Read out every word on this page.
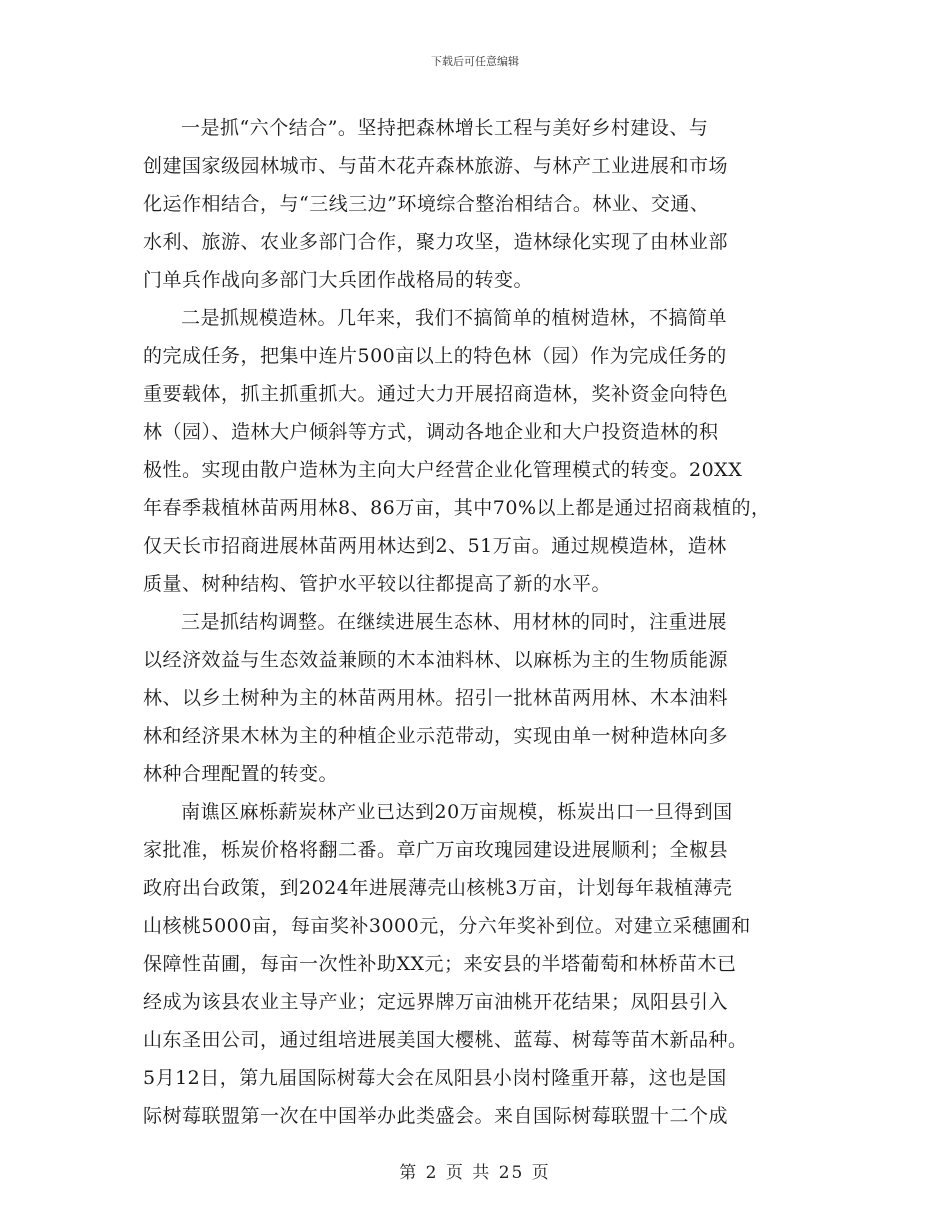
下载后可任意编辑
一是抓“六个结合”。坚持把森林增长工程与美好乡村建设、与
创建国家级园林城市、与苗木花卉森林旅游、与林产工业进展和市场
化运作相结合，与“三线三边”环境综合整治相结合。林业、交通、
水利、旅游、农业多部门合作，聚力攻坚，造林绿化实现了由林业部
门单兵作战向多部门大兵团作战格局的转变。
二是抓规模造林。几年来，我们不搞简单的植树造林，不搞简单
的完成任务，把集中连片500亩以上的特色林（园）作为完成任务的
重要载体，抓主抓重抓大。通过大力开展招商造林，奖补资金向特色
林（园）、造林大户倾斜等方式，调动各地企业和大户投资造林的积
极性。实现由散户造林为主向大户经营企业化管理模式的转变。20XX
年春季栽植林苗两用林8、86万亩，其中70%以上都是通过招商栽植的，
仅天长市招商进展林苗两用林达到2、51万亩。通过规模造林，造林
质量、树种结构、管护水平较以往都提高了新的水平。
三是抓结构调整。在继续进展生态林、用材林的同时，注重进展
以经济效益与生态效益兼顾的木本油料林、以麻栎为主的生物质能源
林、以乡土树种为主的林苗两用林。招引一批林苗两用林、木本油料
林和经济果木林为主的种植企业示范带动，实现由单一树种造林向多
林种合理配置的转变。
南谯区麻栎薪炭林产业已达到20万亩规模，栎炭出口一旦得到国
家批准，栎炭价格将翻二番。章广万亩玫瑰园建设进展顺利；全椒县
政府出台政策，到2024年进展薄壳山核桃3万亩，计划每年栽植薄壳
山核桃5000亩，每亩奖补3000元，分六年奖补到位。对建立采穗圃和
保障性苗圃，每亩一次性补助XX元；来安县的半塔葡萄和林桥苗木已
经成为该县农业主导产业；定远界牌万亩油桃开花结果；凤阳县引入
山东圣田公司，通过组培进展美国大樱桃、蓝莓、树莓等苗木新品种。
5月12日，第九届国际树莓大会在凤阳县小岗村隆重开幕，这也是国
际树莓联盟第一次在中国举办此类盛会。来自国际树莓联盟十二个成
第 2 页 共 25 页
